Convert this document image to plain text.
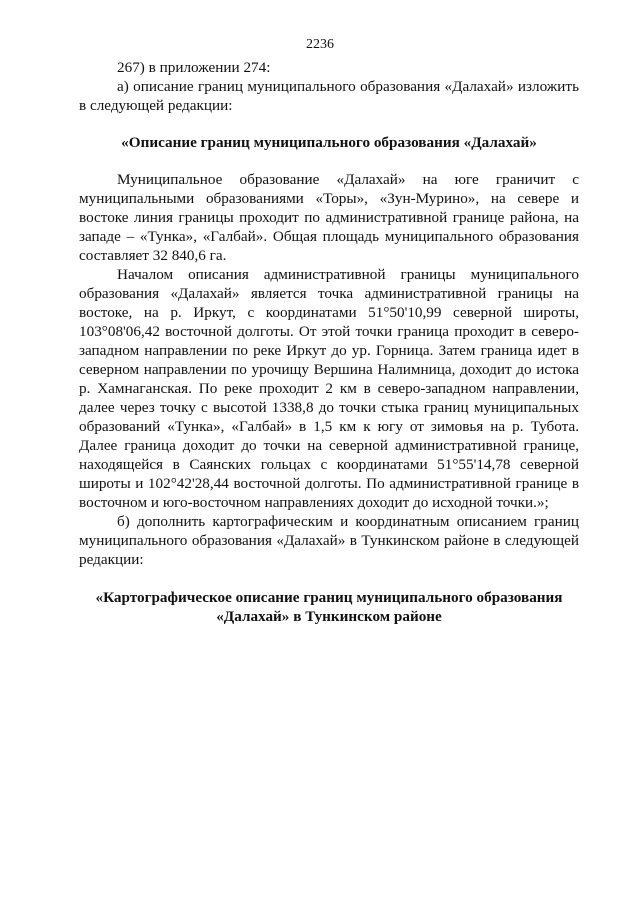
2236

267) в приложении 274:

а) описание границ муниципального образования «Далахай» изложить в следующей редакции:

«Описание границ муниципального образования «Далахай»

Муниципальное образование «Далахай» на юге граничит с муниципальными образованиями «Торы», «Зун-Мурино», на севере и востоке линия границы проходит по административной границе района, на западе – «Тунка», «Галбай». Общая площадь муниципального образования составляет 32 840,6 га.

Началом описания административной границы муниципального образования «Далахай» является точка административной границы на востоке, на р. Иркут, с координатами 51°50'10,99 северной широты, 103°08'06,42 восточной долготы. От этой точки граница проходит в северо-западном направлении по реке Иркут до ур. Горница. Затем граница идет в северном направлении по урочищу Вершина Налимница, доходит до истока р. Хамнаганская. По реке проходит 2 км в северо-западном направлении, далее через точку с высотой 1338,8 до точки стыка границ муниципальных образований «Тунка», «Галбай» в 1,5 км к югу от зимовья на р. Тубота. Далее граница доходит до точки на северной административной границе, находящейся в Саянских гольцах с координатами 51°55'14,78 северной широты и 102°42'28,44 восточной долготы. По административной границе в восточном и юго-восточном направлениях доходит до исходной точки.»;

б) дополнить картографическим и координатным описанием границ муниципального образования «Далахай» в Тункинском районе в следующей редакции:

«Картографическое описание границ муниципального образования
«Далахай» в Тункинском районе
